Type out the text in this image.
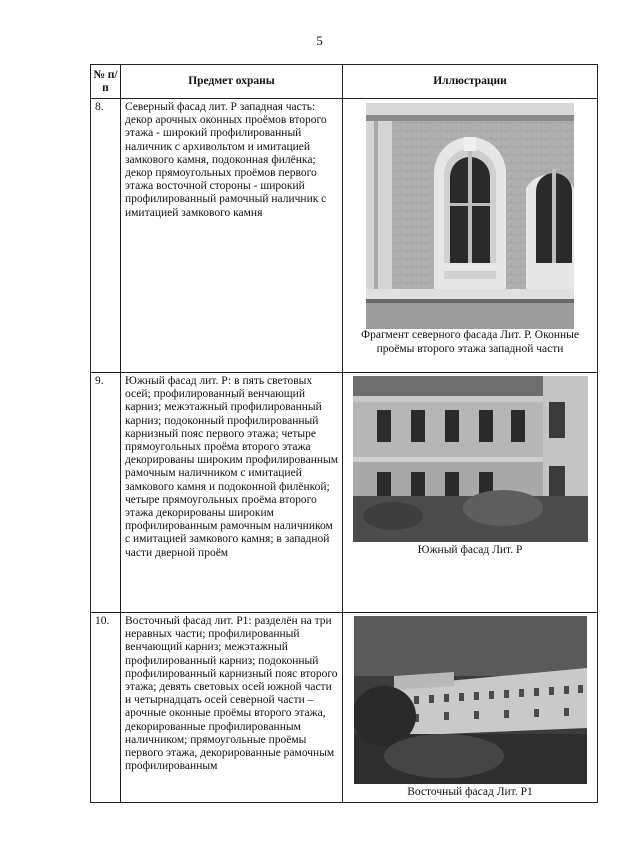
5
№ п/п	Предмет охраны	Иллюстрации
8.	Северный фасад лит. Р западная часть: декор арочных оконных проёмов второго этажа - широкий профилированный наличник с архивольтом и имитацией замкового камня, подоконная филёнка; декор прямоугольных проёмов первого этажа восточной стороны - широкий профилированный рамочный наличник с имитацией замкового камня	Фрагмент северного фасада Лит. Р. Оконные проёмы второго этажа западной части

9.	Южный фасад лит. Р: в пять световых осей; профилированный венчающий карниз; межэтажный профилированный карниз; подоконный профилированный карнизный пояс первого этажа; четыре прямоугольных проёма второго этажа декорированы широким профилированным рамочным наличником с имитацией замкового камня и подоконной филёнкой; четыре прямоугольных проёма второго этажа декорированы широким профилированным рамочным наличником с имитацией замкового камня; в западной части дверной проём	Южный фасад Лит. Р

10.	Восточный фасад лит. Р1: разделён на три неравных части; профилированный венчающий карниз; межэтажный профилированный карниз; подоконный профилированный карнизный пояс второго этажа; девять световых осей южной части и четырнадцать осей северной части – арочные оконные проёмы второго этажа, декорированные профилированным наличником; прямоугольные проёмы первого этажа, декорированные рамочным профилированным	Восточный фасад Лит. Р1
